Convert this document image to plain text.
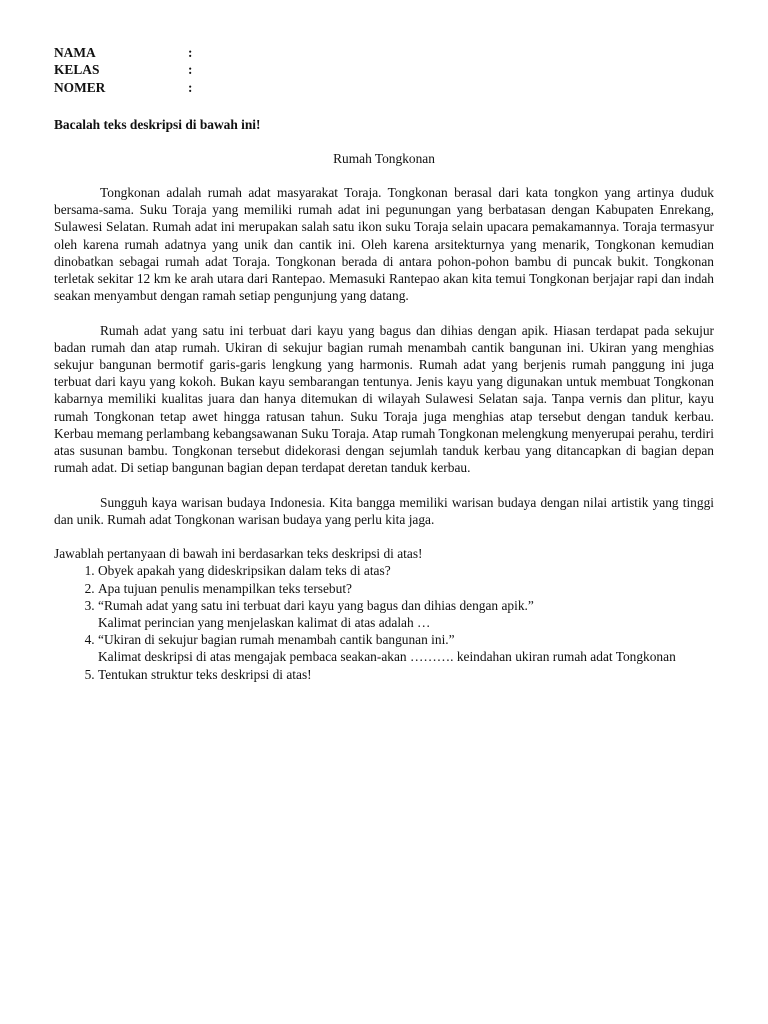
NAMA	:
KELAS	:
NOMER	:
Bacalah teks deskripsi di bawah ini!
Rumah Tongkonan

Tongkonan adalah rumah adat masyarakat Toraja. Tongkonan berasal dari kata tongkon yang artinya duduk bersama-sama. Suku Toraja yang memiliki rumah adat ini pegunungan yang berbatasan dengan Kabupaten Enrekang, Sulawesi Selatan. Rumah adat ini merupakan salah satu ikon suku Toraja selain upacara pemakamannya. Toraja termasyur oleh karena rumah adatnya yang unik dan cantik ini. Oleh karena arsitekturnya yang menarik, Tongkonan kemudian dinobatkan sebagai rumah adat Toraja. Tongkonan berada di antara pohon-pohon bambu di puncak bukit. Tongkonan terletak sekitar 12 km ke arah utara dari Rantepao. Memasuki Rantepao akan kita temui Tongkonan berjajar rapi dan indah seakan menyambut dengan ramah setiap pengunjung yang datang.

Rumah adat yang satu ini terbuat dari kayu yang bagus dan dihias dengan apik. Hiasan terdapat pada sekujur badan rumah dan atap rumah. Ukiran di sekujur bagian rumah menambah cantik bangunan ini. Ukiran yang menghias sekujur bangunan bermotif garis-garis lengkung yang harmonis. Rumah adat yang berjenis rumah panggung ini juga terbuat dari kayu yang kokoh. Bukan kayu sembarangan tentunya. Jenis kayu yang digunakan untuk membuat Tongkonan kabarnya memiliki kualitas juara dan hanya ditemukan di wilayah Sulawesi Selatan saja. Tanpa vernis dan plitur, kayu rumah Tongkonan tetap awet hingga ratusan tahun. Suku Toraja juga menghias atap tersebut dengan tanduk kerbau. Kerbau memang perlambang kebangsawanan Suku Toraja. Atap rumah Tongkonan melengkung menyerupai perahu, terdiri atas susunan bambu. Tongkonan tersebut didekorasi dengan sejumlah tanduk kerbau yang ditancapkan di bagian depan rumah adat. Di setiap bangunan bagian depan terdapat deretan tanduk kerbau.

Sungguh kaya warisan budaya Indonesia. Kita bangga memiliki warisan budaya dengan nilai artistik yang tinggi dan unik. Rumah adat Tongkonan warisan budaya yang perlu kita jaga.

Jawablah pertanyaan di bawah ini berdasarkan teks deskripsi di atas!

1. Obyek apakah yang dideskripsikan dalam teks di atas?
2. Apa tujuan penulis menampilkan teks tersebut?
3. “Rumah adat yang satu ini terbuat dari kayu yang bagus dan dihias dengan apik.”
Kalimat perincian yang menjelaskan kalimat di atas adalah …
4. “Ukiran di sekujur bagian rumah menambah cantik bangunan ini.”
Kalimat deskripsi di atas mengajak pembaca seakan-akan ………. keindahan ukiran rumah adat Tongkonan
5. Tentukan struktur teks deskripsi di atas!
